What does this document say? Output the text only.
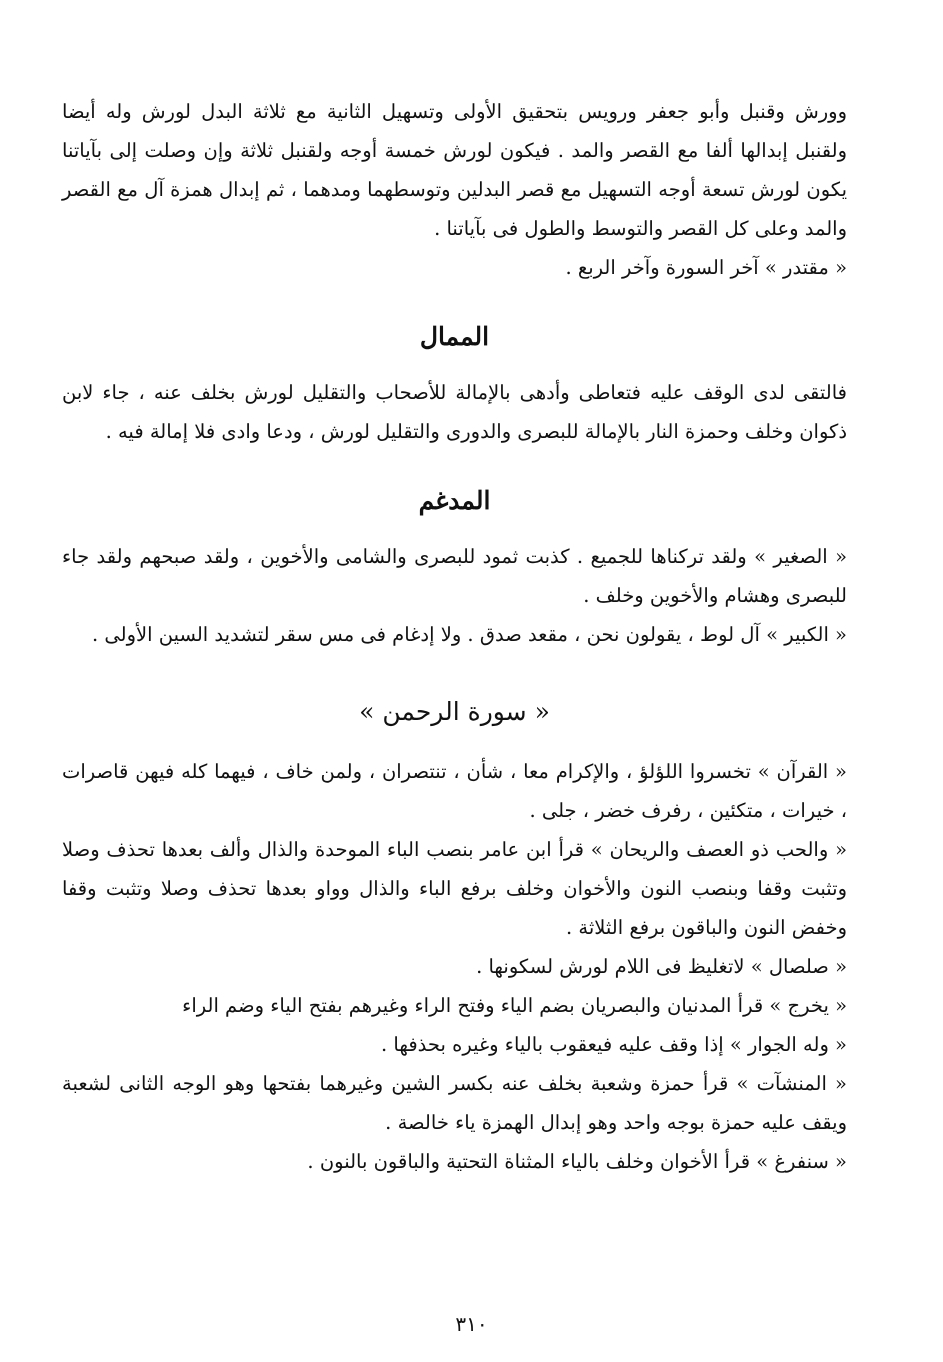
وورش وقنبل وأبو جعفر ورويس بتحقيق الأولى وتسهيل الثانية مع ثلاثة البدل لورش وله أيضا ولقنبل إبدالها ألفا مع القصر والمد . فيكون لورش خمسة أوجه ولقنبل ثلاثة وإن وصلت إلى بآياتنا يكون لورش تسعة أوجه التسهيل مع قصر البدلين وتوسطهما ومدهما ، ثم إبدال همزة آل مع القصر والمد وعلى كل القصر والتوسط والطول فى بآياتنا .

« مقتدر » آخر السورة وآخر الربع .

الممال

فالتقى لدى الوقف عليه فتعاطى وأدهى بالإمالة للأصحاب والتقليل لورش بخلف عنه ، جاء لابن ذكوان وخلف وحمزة النار بالإمالة للبصرى والدورى والتقليل لورش ، ودعا وادى فلا إمالة فيه .

المدغم

« الصغير » ولقد تركناها للجميع . كذبت ثمود للبصرى والشامى والأخوين ، ولقد صبحهم ولقد جاء للبصرى وهشام والأخوين وخلف .

« الكبير » آل لوط ، يقولون نحن ، مقعد صدق . ولا إدغام فى مس سقر لتشديد السين الأولى .

« سورة الرحمن »

« القرآن » تخسروا اللؤلؤ ، والإكرام معا ، شأن ، تنتصران ، ولمن خاف ، فيهما كله فيهن قاصرات ، خيرات ، متكئين ، رفرف خضر ، جلى .

« والحب ذو العصف والريحان » قرأ ابن عامر بنصب الباء الموحدة والذال وألف بعدها تحذف وصلا وتثبت وقفا وبنصب النون والأخوان وخلف برفع الباء والذال وواو بعدها تحذف وصلا وتثبت وقفا وخفض النون والباقون برفع الثلاثة .

« صلصال » لاتغليظ فى اللام لورش لسكونها .

« يخرج » قرأ المدنيان والبصريان بضم الياء وفتح الراء وغيرهم بفتح الياء وضم الراء

« وله الجوار » إذا وقف عليه فيعقوب بالياء وغيره بحذفها .

« المنشآت » قرأ حمزة وشعبة بخلف عنه بكسر الشين وغيرهما بفتحها وهو الوجه الثانى لشعبة ويقف عليه حمزة بوجه واحد وهو إبدال الهمزة ياء خالصة .

« سنفرغ » قرأ الأخوان وخلف بالياء المثناة التحتية والباقون بالنون .

٣١٠
